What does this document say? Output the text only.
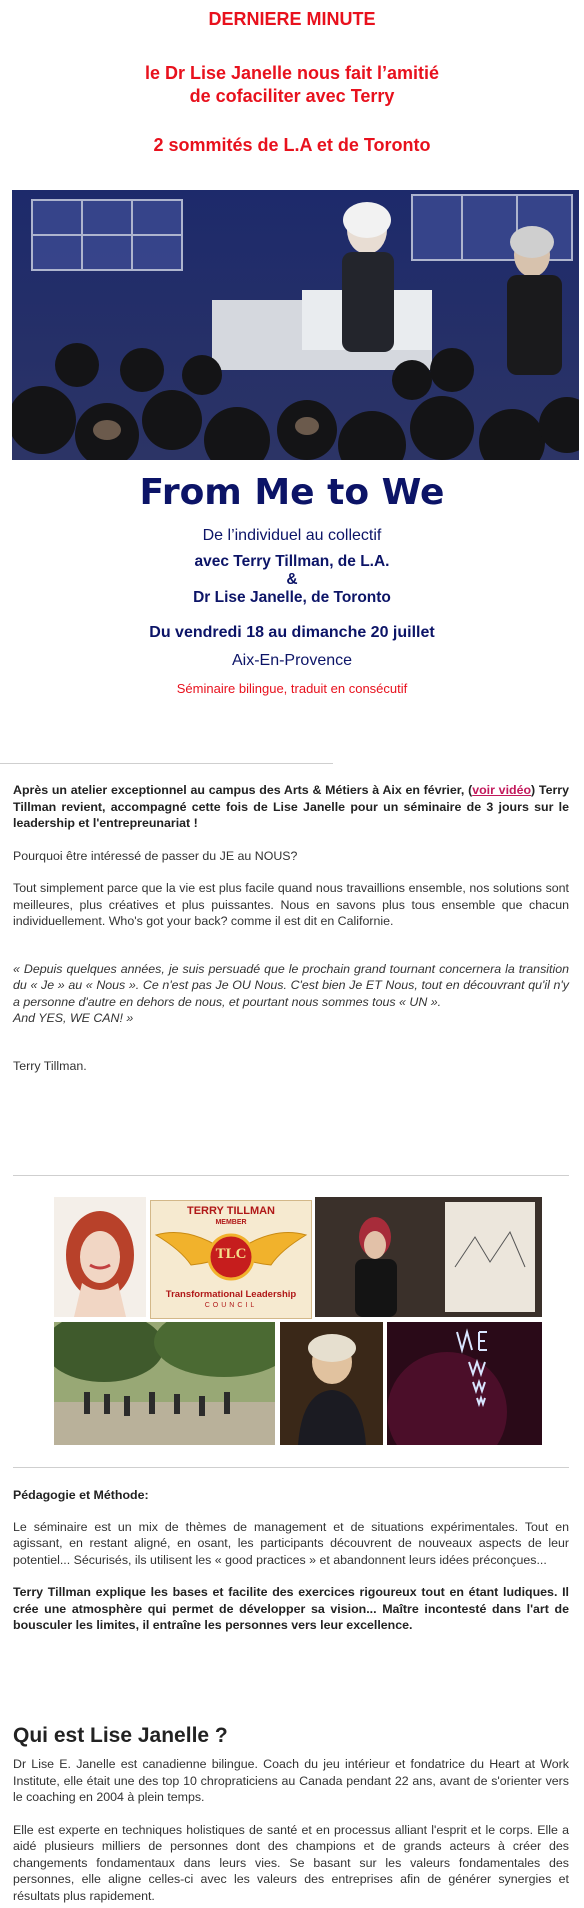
DERNIERE MINUTE
le Dr Lise Janelle nous fait l’amitié
de cofaciliter avec Terry
2 sommités de L.A et de Toronto
From Me to We
De l’individuel au collectif
avec Terry Tillman, de L.A.
&
Dr Lise Janelle, de Toronto
Du vendredi 18 au dimanche 20 juillet
Aix-En-Provence
Séminaire bilingue, traduit en consécutif

Après un atelier exceptionnel au campus des Arts & Métiers à Aix en février, (voir vidéo) Terry Tillman revient, accompagné cette fois de Lise Janelle pour un séminaire de 3 jours sur le leadership et l'entrepreunariat !

Pourquoi être intéressé de passer du JE au NOUS?

Tout simplement parce que la vie est plus facile quand nous travaillions ensemble, nos solutions sont meilleures, plus créatives et plus puissantes. Nous en savons plus tous ensemble que chacun individuellement. Who's got your back? comme il est dit en Californie.

« Depuis quelques années, je suis persuadé que le prochain grand tournant concernera la transition du « Je » au « Nous ». Ce n'est pas Je OU Nous. C'est bien Je ET Nous, tout en découvrant qu'il n'y a personne d'autre en dehors de nous, et pourtant nous sommes tous « UN ».
And YES, WE CAN! »

Terry Tillman.

TERRY TILLMAN
MEMBER
TLC
Transformational Leadership
COUNCIL

Pédagogie et Méthode:

Le séminaire est un mix de thèmes de management et de situations expérimentales. Tout en agissant, en restant aligné, en osant, les participants découvrent de nouveaux aspects de leur potentiel... Sécurisés, ils utilisent les « good practices » et abandonnent leurs idées préconçues...

Terry Tillman explique les bases et facilite des exercices rigoureux tout en étant ludiques. Il crée une atmosphère qui permet de développer sa vision... Maître incontesté dans l'art de bousculer les limites, il entraîne les personnes vers leur excellence.

Qui est Lise Janelle ?

Dr Lise E. Janelle est canadienne bilingue. Coach du jeu intérieur et fondatrice du Heart at Work Institute, elle était une des top 10 chropraticiens au Canada pendant 22 ans, avant de s'orienter vers le coaching en 2004 à plein temps.

Elle est experte en techniques holistiques de santé et en processus alliant l'esprit et le corps. Elle a aidé plusieurs milliers de personnes dont des champions et de grands acteurs à créer des changements fondamentaux dans leurs vies. Se basant sur les valeurs fondamentales des personnes, elle aligne celles-ci avec les valeurs des entreprises afin de générer synergies et résultats plus rapidement.
